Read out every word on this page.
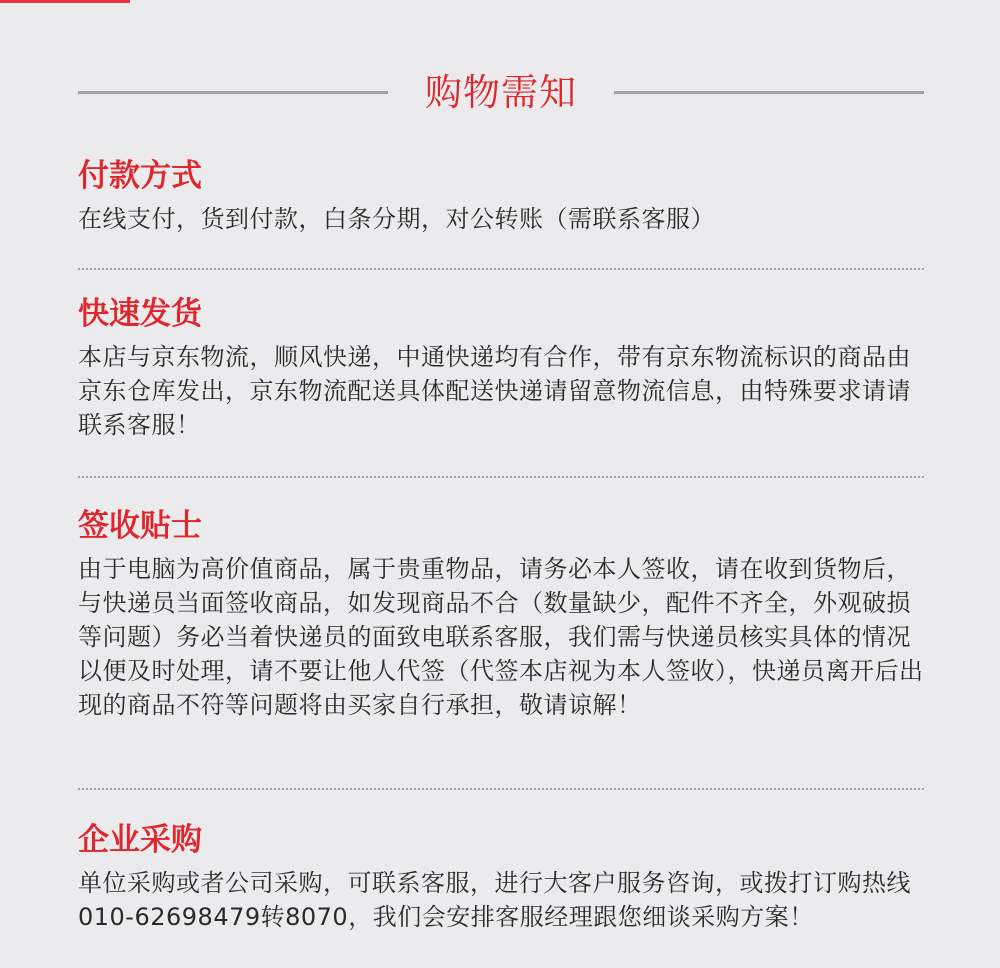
购物需知
付款方式
在线支付，货到付款，白条分期，对公转账（需联系客服）
快速发货
本店与京东物流，顺风快递，中通快递均有合作，带有京东物流标识的商品由京东仓库发出，京东物流配送具体配送快递请留意物流信息，由特殊要求请请联系客服！
签收贴士
由于电脑为高价值商品，属于贵重物品，请务必本人签收，请在收到货物后，与快递员当面签收商品，如发现商品不合（数量缺少，配件不齐全，外观破损等问题）务必当着快递员的面致电联系客服，我们需与快递员核实具体的情况以便及时处理，请不要让他人代签（代签本店视为本人签收），快递员离开后出现的商品不符等问题将由买家自行承担，敬请谅解！
企业采购
单位采购或者公司采购，可联系客服，进行大客户服务咨询，或拨打订购热线010-62698479转8070，我们会安排客服经理跟您细谈采购方案！
